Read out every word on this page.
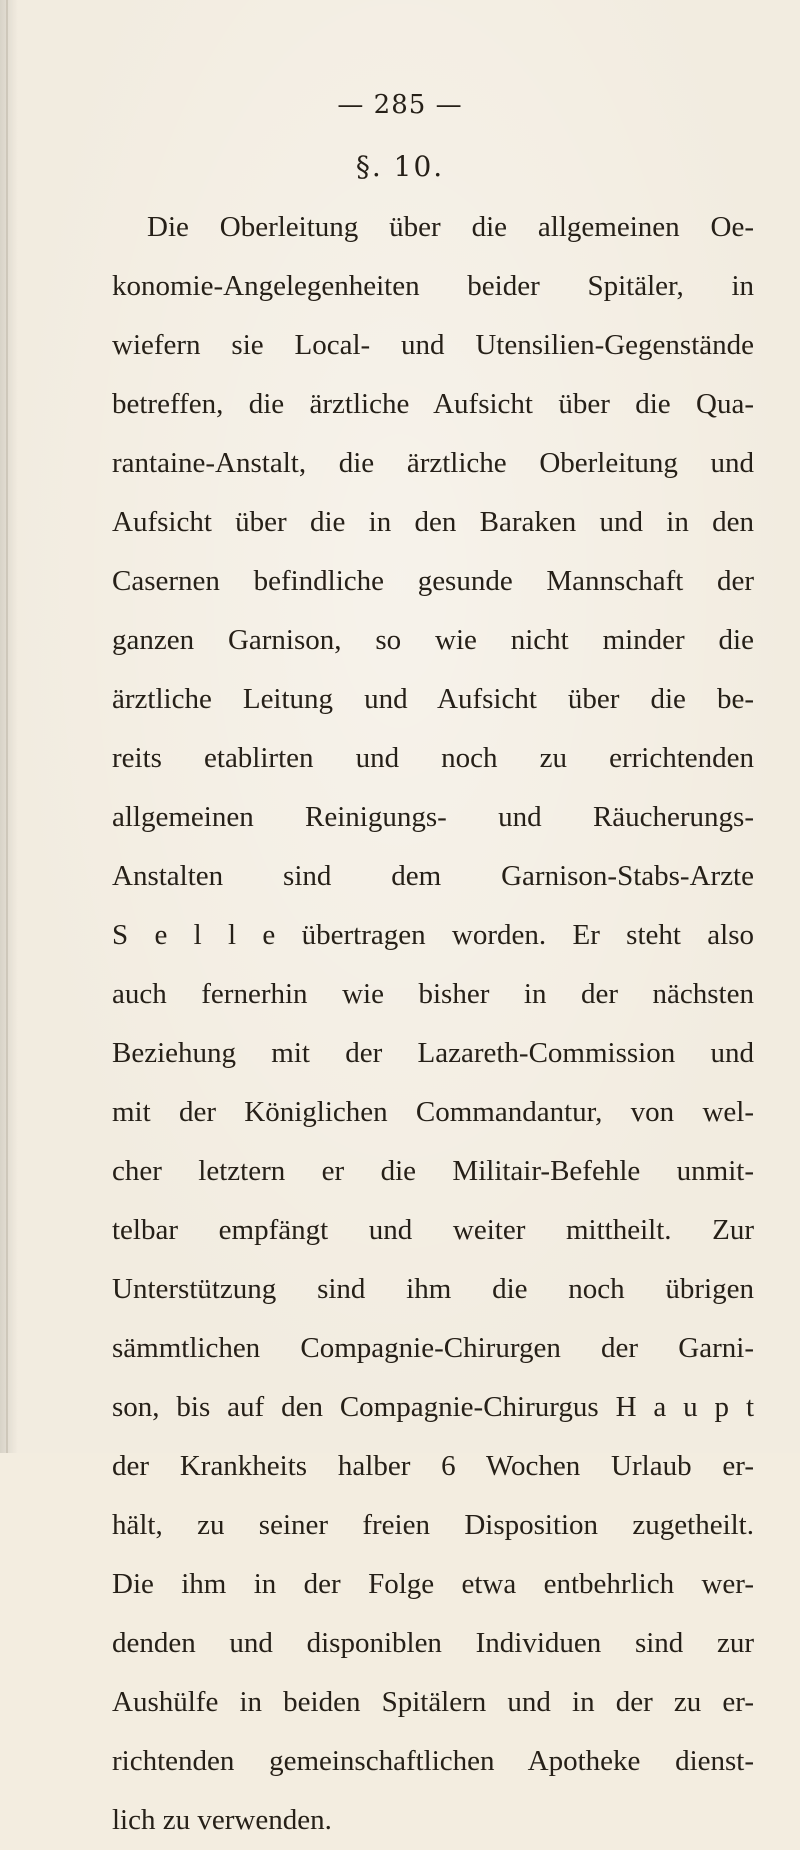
— 285 —
§. 10.
Die Oberleitung über die allgemeinen Oe-
konomie-Angelegenheiten beider Spitäler, in
wiefern sie Local- und Utensilien-Gegenstände
betreffen, die ärztliche Aufsicht über die Qua-
rantaine-Anstalt, die ärztliche Oberleitung und
Aufsicht über die in den Baraken und in den
Casernen befindliche gesunde Mannschaft der
ganzen Garnison, so wie nicht minder die
ärztliche Leitung und Aufsicht über die be-
reits etablirten und noch zu errichtenden
allgemeinen Reinigungs- und Räucherungs-
Anstalten sind dem Garnison-Stabs-Arzte
S e l l e übertragen worden. Er steht also
auch fernerhin wie bisher in der nächsten
Beziehung mit der Lazareth-Commission und
mit der Königlichen Commandantur, von wel-
cher letztern er die Militair-Befehle unmit-
telbar empfängt und weiter mittheilt. Zur
Unterstützung sind ihm die noch übrigen
sämmtlichen Compagnie-Chirurgen der Garni-
son, bis auf den Compagnie-Chirurgus H a u p t
der Krankheits halber 6 Wochen Urlaub er-
hält, zu seiner freien Disposition zugetheilt.
Die ihm in der Folge etwa entbehrlich wer-
denden und disponiblen Individuen sind zur
Aushülfe in beiden Spitälern und in der zu er-
richtenden gemeinschaftlichen Apotheke dienst-
lich zu verwenden.
